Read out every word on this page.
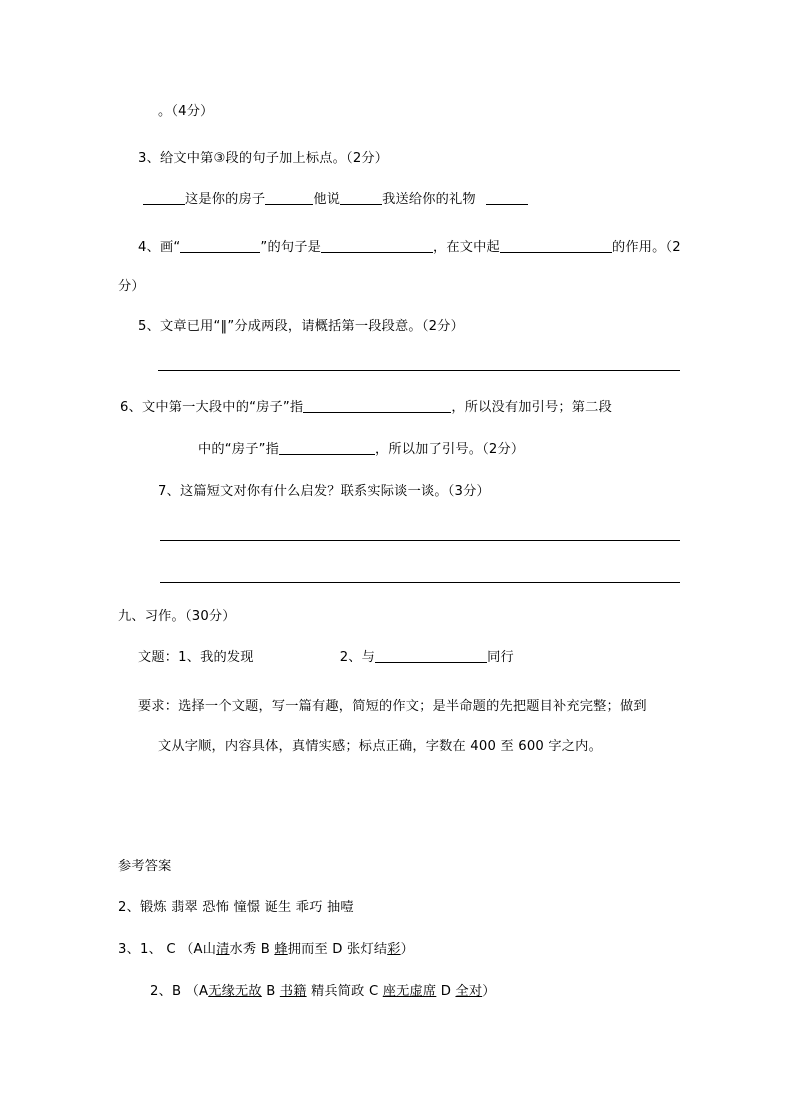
。（4分）
3、给文中第③段的句子加上标点。（2分）
这是你的房子	他说	我送给你的礼物
4、画“	”的句子是	，在文中起	的作用。（2
分）
5、文章已用“‖”分成两段，请概括第一段段意。（2分）
6、文中第一大段中的“房子”指	，所以没有加引号；第二段
中的“房子”指	，所以加了引号。（2分）
7、这篇短文对你有什么启发？联系实际谈一谈。（3分）
九、习作。（30分）
文题：1、我的发现	2、与	同行
要求：选择一个文题，写一篇有趣，简短的作文；是半命题的先把题目补充完整；做到
文从字顺，内容具体，真情实感；标点正确，字数在 400 至 600 字之内。
参考答案
2、锻炼 翡翠 恐怖 憧憬 诞生 乖巧 抽噎
3、1、 C （A山清水秀 B 蜂拥而至 D 张灯结彩）
2、B （A无缘无故 B 书籍 精兵简政 C 座无虚席 D 全对）
